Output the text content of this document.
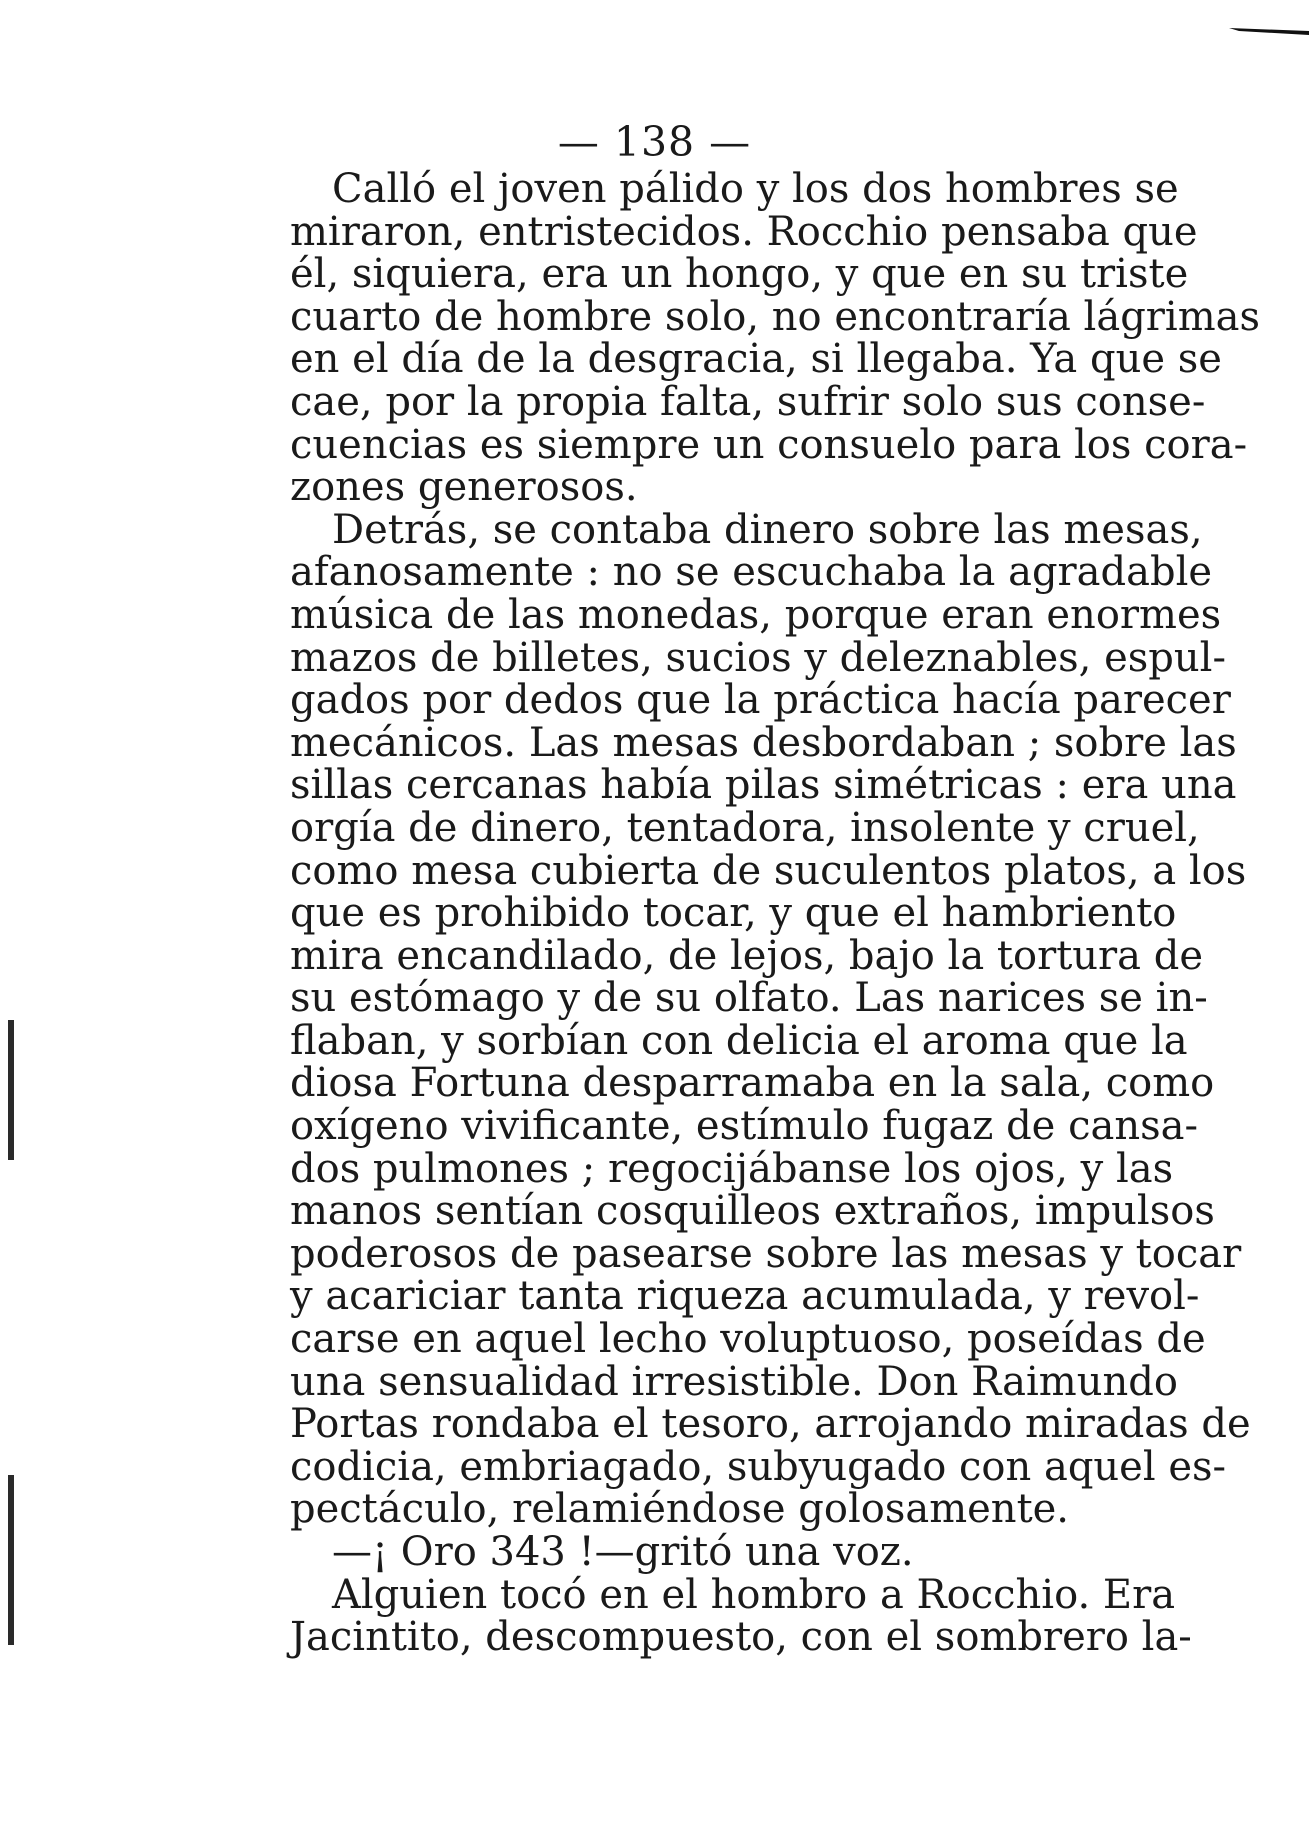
— 138 —
Calló el joven pálido y los dos hombres se
miraron, entristecidos. Rocchio pensaba que
él, siquiera, era un hongo, y que en su triste
cuarto de hombre solo, no encontraría lágrimas
en el día de la desgracia, si llegaba. Ya que se
cae, por la propia falta, sufrir solo sus conse-
cuencias es siempre un consuelo para los cora-
zones generosos.
Detrás, se contaba dinero sobre las mesas,
afanosamente : no se escuchaba la agradable
música de las monedas, porque eran enormes
mazos de billetes, sucios y deleznables, espul-
gados por dedos que la práctica hacía parecer
mecánicos. Las mesas desbordaban ; sobre las
sillas cercanas había pilas simétricas : era una
orgía de dinero, tentadora, insolente y cruel,
como mesa cubierta de suculentos platos, a los
que es prohibido tocar, y que el hambriento
mira encandilado, de lejos, bajo la tortura de
su estómago y de su olfato. Las narices se in-
flaban, y sorbían con delicia el aroma que la
diosa Fortuna desparramaba en la sala, como
oxígeno vivificante, estímulo fugaz de cansa-
dos pulmones ; regocijábanse los ojos, y las
manos sentían cosquilleos extraños, impulsos
poderosos de pasearse sobre las mesas y tocar
y acariciar tanta riqueza acumulada, y revol-
carse en aquel lecho voluptuoso, poseídas de
una sensualidad irresistible. Don Raimundo
Portas rondaba el tesoro, arrojando miradas de
codicia, embriagado, subyugado con aquel es-
pectáculo, relamiéndose golosamente.
—¡ Oro 343 !—gritó una voz.
Alguien tocó en el hombro a Rocchio. Era
Jacintito, descompuesto, con el sombrero la-
